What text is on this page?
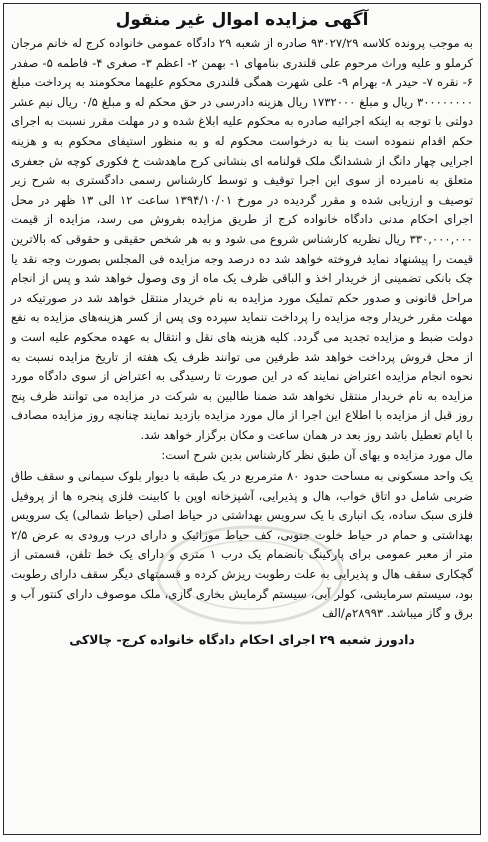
آگهی مزایده اموال غیر منقول

به موجب پرونده کلاسه ۹۳۰۲۷/۲۹ صادره از شعبه ۲۹ دادگاه عمومی خانواده کرج له خانم مرجان کرملو و علیه وراث مرحوم علی قلندری بنامهای ۱- بهمن ۲- اعظم ۳- صغری ۴- فاطمه ۵- صفدر ۶- نقره ۷- حیدر ۸- بهرام ۹- علی شهرت همگی قلندری محکوم علیهما محکومند به پرداخت مبلغ ۳۰۰۰۰۰۰۰۰ ریال و مبلغ ۱۷۳۲۰۰۰ ریال هزینه دادرسی در حق محکم له و مبلغ ۰/۵ ریال نیم عشر دولتی با توجه به اینکه اجرائیه صادره به محکوم علیه ابلاغ شده و در مهلت مقرر نسبت به اجرای حکم اقدام ننموده است بنا به درخواست محکوم له و به منظور استیفای محکوم به و هزینه اجرایی چهار دانگ از ششدانگ ملک قولنامه ای بنشانی کرج ماهدشت خ فکوری کوچه ش جعفری متعلق به نامبرده از سوی این اجرا توقیف و توسط کارشناس رسمی دادگستری به شرح زیر توصیف و ارزیابی شده و مقرر گردیده در مورخ ۱۳۹۴/۱۰/۰۱ ساعت ۱۲ الی ۱۳ ظهر در محل اجرای احکام مدنی دادگاه خانواده کرج از طریق مزایده بفروش می رسد، مزایده از قیمت ۳۳۰,۰۰۰,۰۰۰ ریال نظریه کارشناس شروع می شود و به هر شخص حقیقی و حقوقی که بالاترین قیمت را پیشنهاد نماید فروخته خواهد شد ده درصد وجه مزایده فی المجلس بصورت وجه نقد یا چک بانکی تضمینی از خریدار اخذ و الباقی ظرف یک ماه از وی وصول خواهد شد و پس از انجام مراحل قانونی و صدور حکم تملیک مورد مزایده به نام خریدار منتقل خواهد شد در صورتیکه در مهلت مقرر خریدار وجه مزایده را پرداخت ننماید سپرده وی پس از کسر هزینه‌های مزایده به نفع دولت ضبط و مزایده تجدید می گردد. کلیه هزینه های نقل و انتقال به عهده محکوم علیه است و از محل فروش پرداخت خواهد شد طرفین می توانند ظرف یک هفته از تاریخ مزایده نسبت به نحوه انجام مزایده اعتراض نمایند که در این صورت تا رسیدگی به اعتراض از سوی دادگاه مورد مزایده به نام خریدار منتقل نخواهد شد ضمنا طالبین به شرکت در مزایده می توانند ظرف پنج روز قبل از مزایده با اطلاع این اجرا از مال مورد مزایده بازدید نمایند چنانچه روز مزایده مصادف با ایام تعطیل باشد روز بعد در همان ساعت و مکان برگزار خواهد شد.

مال مورد مزایده و بهای آن طبق نظر کارشناس بدین شرح است:

یک واحد مسکونی به مساحت حدود ۸۰ مترمربع در یک طبقه با دیوار بلوک سیمانی و سقف طاق ضربی شامل دو اتاق خواب، هال و پذیرایی، آشپزخانه اوپن با کابینت فلزی پنجره ها از پروفیل فلزی سبک ساده، یک انباری با یک سرویس بهداشتی در حیاط اصلی (حیاط شمالی) یک سرویس بهداشتی و حمام در حیاط خلوت جنوبی، کف حیاط موزائیک و دارای درب ورودی به عرض ۲/۵ متر از معبر عمومی برای پارکینگ بانضمام یک درب ۱ متری و دارای یک خط تلفن، قسمتی از گچکاری سقف هال و پذیرایی به علت رطوبت ریزش کرده و قسمتهای دیگر سقف دارای رطوبت بود، سیستم سرمایشی، کولر آبی، سیستم گرمایش بخاری گازی، ملک موصوف دارای کنتور آب و برق و گاز میباشد. ۲۸۹۹۳م/الف

دادورز شعبه ۲۹ اجرای احکام دادگاه خانواده کرج- چالاکی
